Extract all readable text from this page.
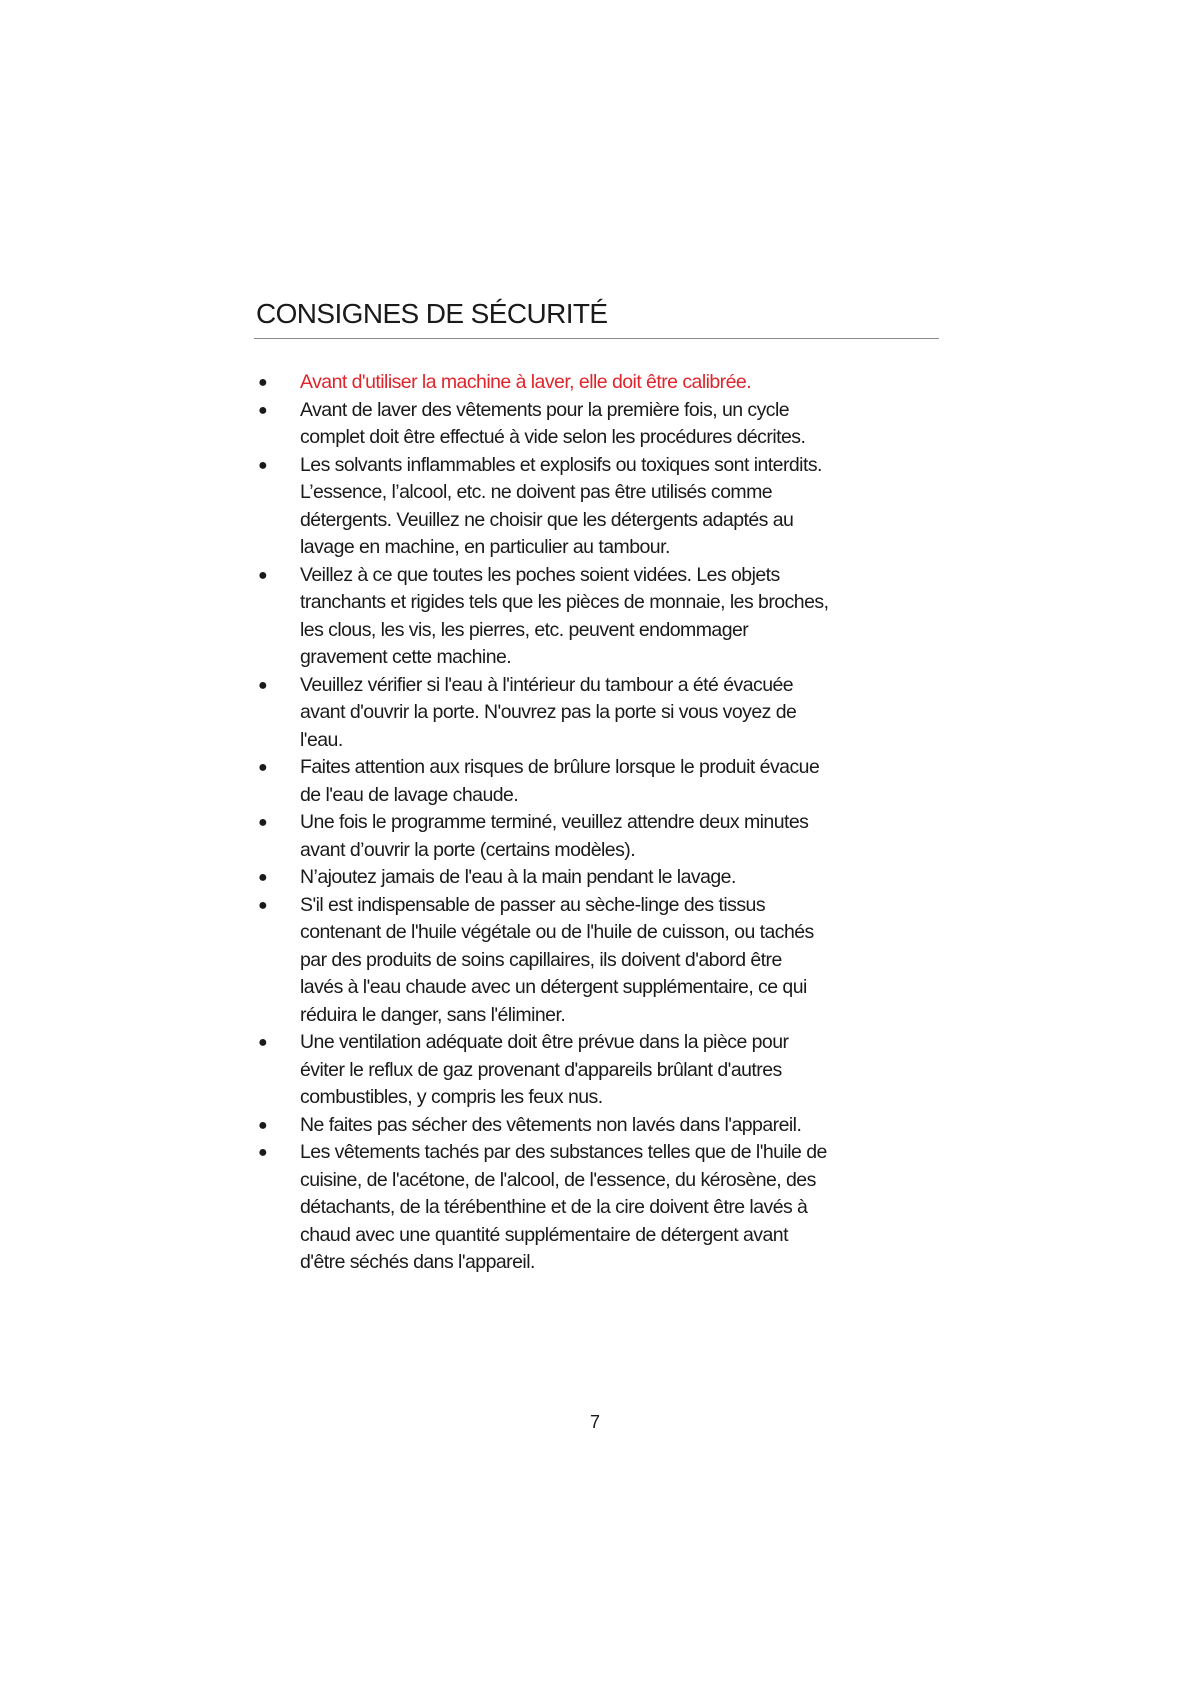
CONSIGNES DE SÉCURITÉ
● Avant d'utiliser la machine à laver, elle doit être calibrée.
● Avant de laver des vêtements pour la première fois, un cycle
complet doit être effectué à vide selon les procédures décrites.
● Les solvants inflammables et explosifs ou toxiques sont interdits.
L’essence, l’alcool, etc. ne doivent pas être utilisés comme
détergents. Veuillez ne choisir que les détergents adaptés au
lavage en machine, en particulier au tambour.
● Veillez à ce que toutes les poches soient vidées. Les objets
tranchants et rigides tels que les pièces de monnaie, les broches,
les clous, les vis, les pierres, etc. peuvent endommager
gravement cette machine.
● Veuillez vérifier si l'eau à l'intérieur du tambour a été évacuée
avant d'ouvrir la porte. N'ouvrez pas la porte si vous voyez de
l'eau.
● Faites attention aux risques de brûlure lorsque le produit évacue
de l'eau de lavage chaude.
● Une fois le programme terminé, veuillez attendre deux minutes
avant d’ouvrir la porte (certains modèles).
● N’ajoutez jamais de l'eau à la main pendant le lavage.
● S'il est indispensable de passer au sèche-linge des tissus
contenant de l'huile végétale ou de l'huile de cuisson, ou tachés
par des produits de soins capillaires, ils doivent d'abord être
lavés à l'eau chaude avec un détergent supplémentaire, ce qui
réduira le danger, sans l'éliminer.
● Une ventilation adéquate doit être prévue dans la pièce pour
éviter le reflux de gaz provenant d'appareils brûlant d'autres
combustibles, y compris les feux nus.
● Ne faites pas sécher des vêtements non lavés dans l'appareil.
● Les vêtements tachés par des substances telles que de l'huile de
cuisine, de l'acétone, de l'alcool, de l'essence, du kérosène, des
détachants, de la térébenthine et de la cire doivent être lavés à
chaud avec une quantité supplémentaire de détergent avant
d'être séchés dans l'appareil.
7
